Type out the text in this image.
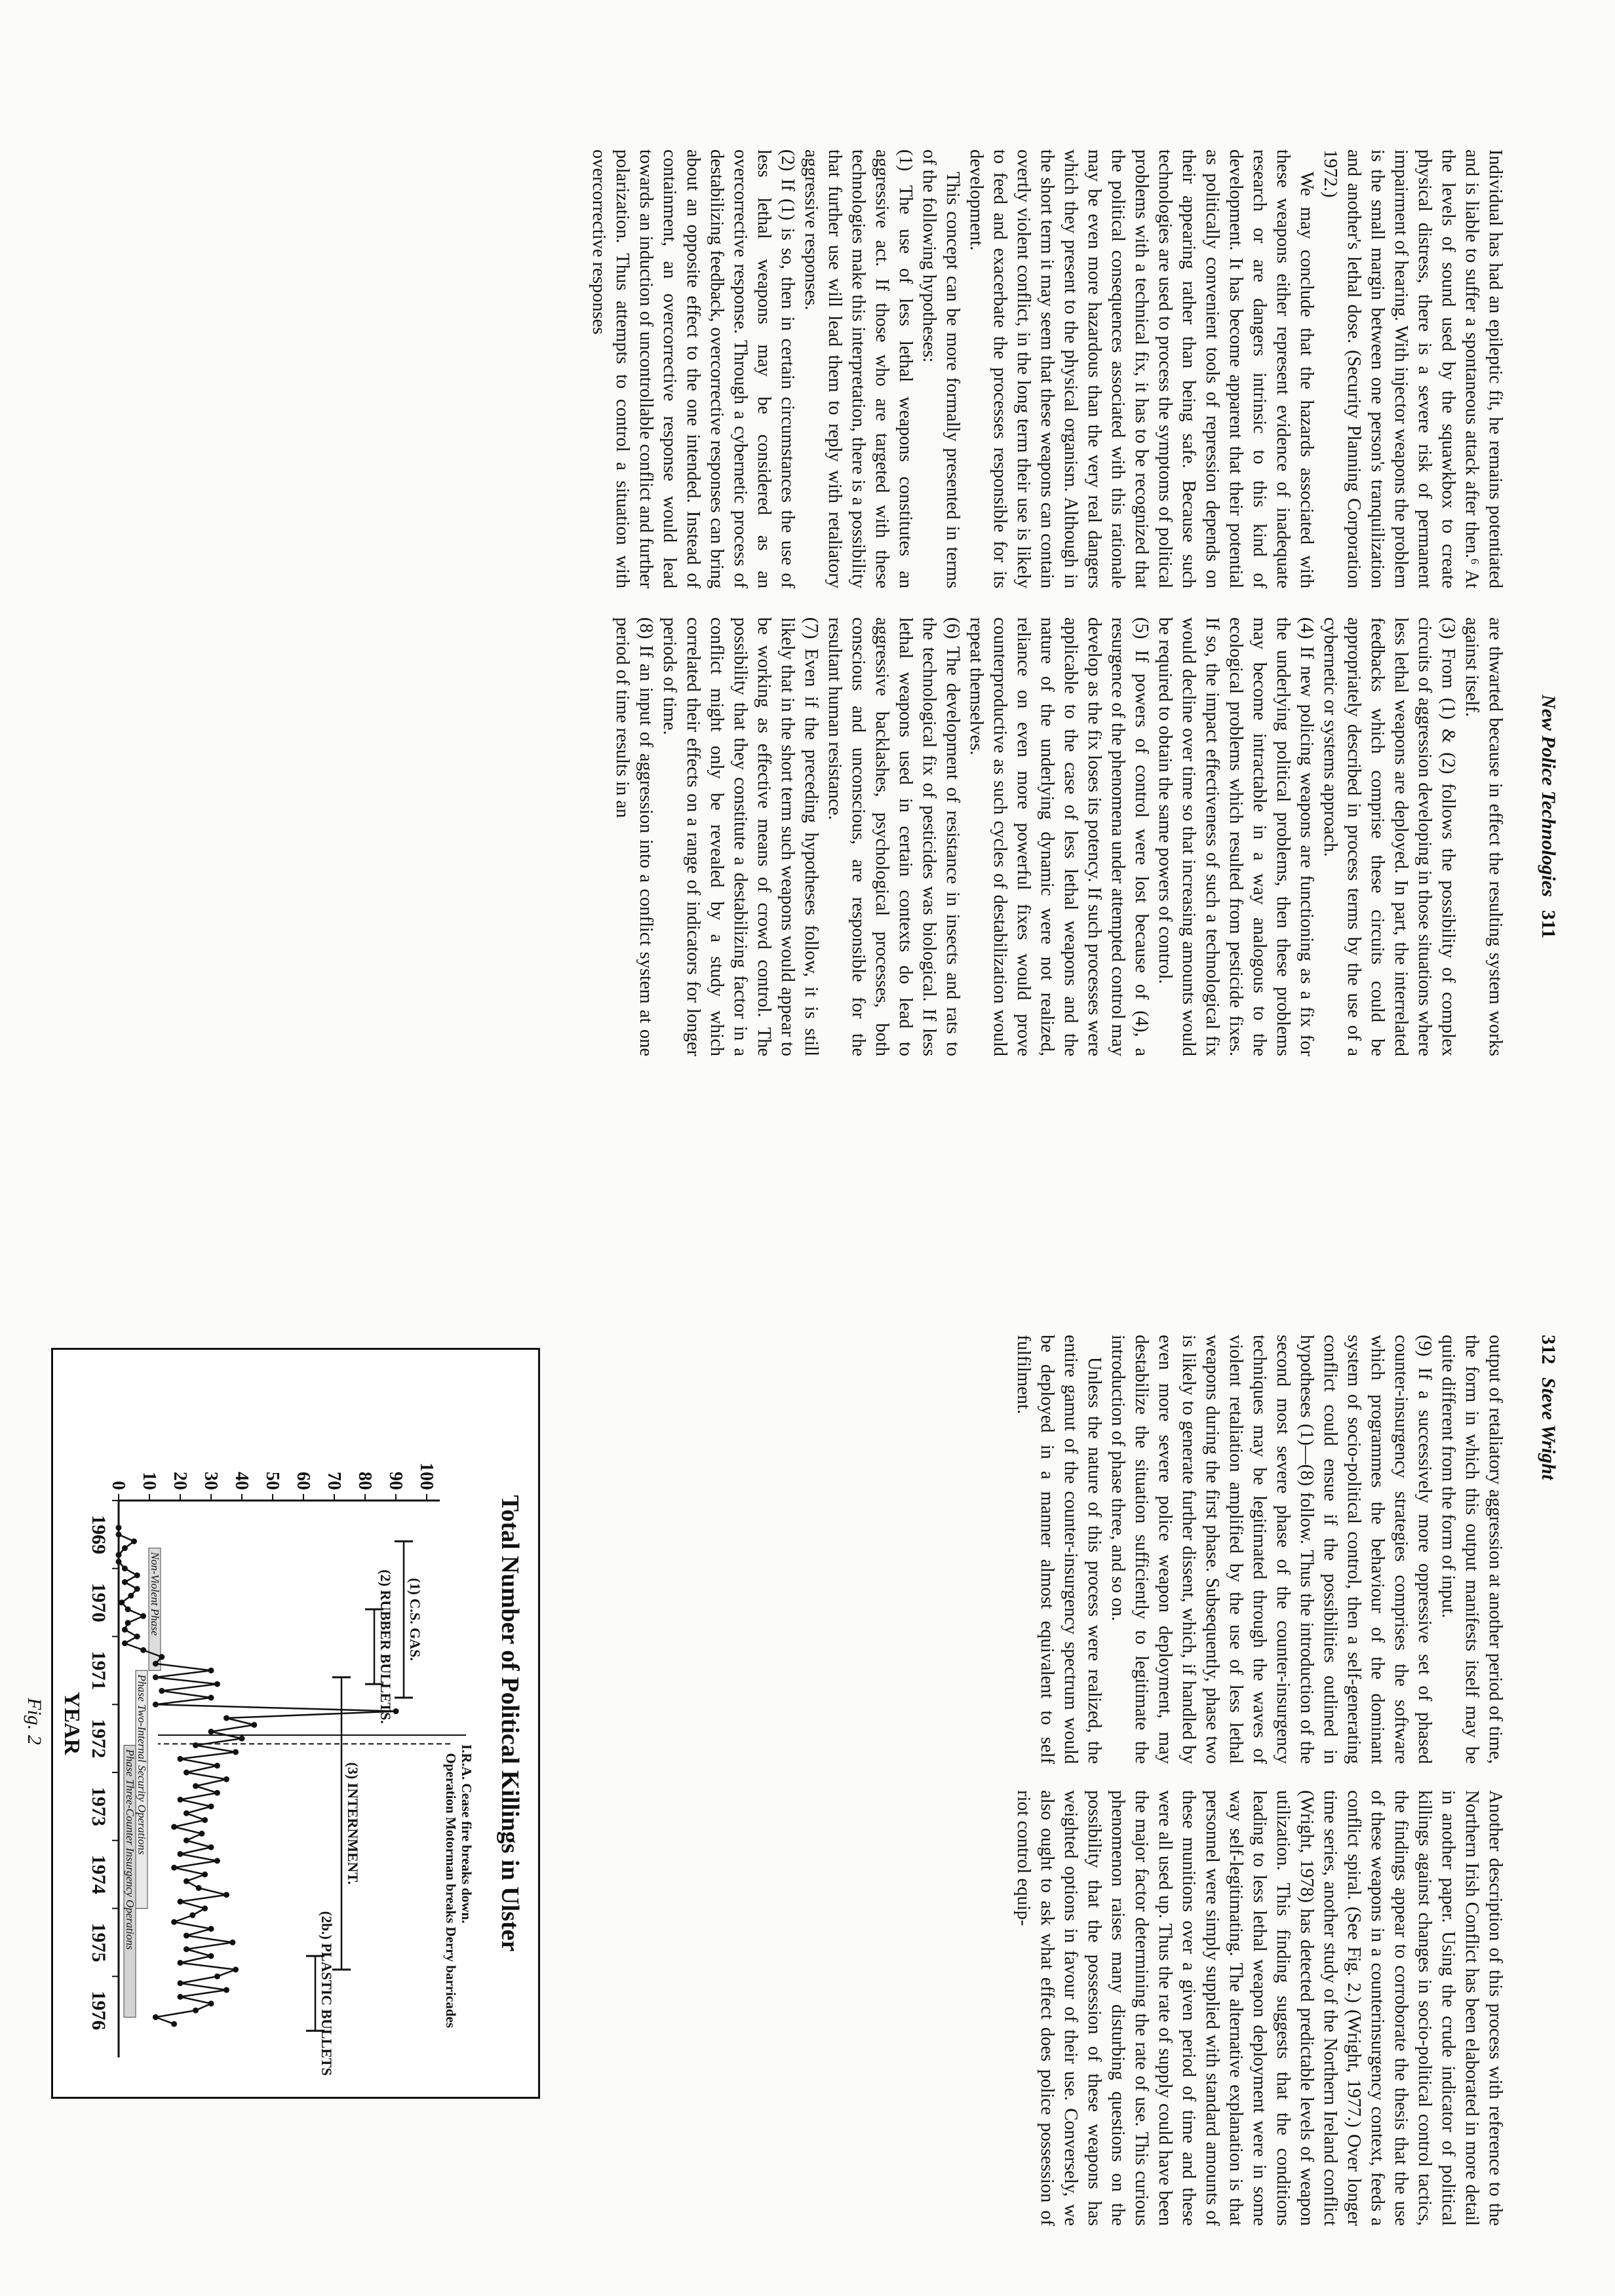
New Police Technologies311

Individual has had an epileptic fit, he remains potentiated and is liable to suffer a spontaneous attack after then.⁶ At the levels of sound used by the squawkbox to create physical distress, there is a severe risk of permanent impairment of hearing. With injector weapons the problem is the small margin between one person's tranquilization and another's lethal dose. (Security Planning Corporation 1972.)

We may conclude that the hazards associated with these weapons either represent evidence of inadequate research or are dangers intrinsic to this kind of development. It has become apparent that their potential as politically convenient tools of repression depends on their appearing rather than being safe. Because such technologies are used to process the symptoms of political problems with a technical fix, it has to be recognized that the political consequences associated with this rationale may be even more hazardous than the very real dangers which they present to the physical organism. Although in the short term it may seem that these weapons can contain overtly violent conflict, in the long term their use is likely to feed and exacerbate the processes responsible for its development.

This concept can be more formally presented in terms of the following hypotheses:

(1) The use of less lethal weapons constitutes an aggressive act. If those who are targeted with these technologies make this interpretation, there is a possibility that further use will lead them to reply with retaliatory aggressive responses.

(2) If (1) is so, then in certain circumstances the use of less lethal weapons may be considered as an overcorrective response. Through a cybernetic process of destabilizing feedback, overcorrective responses can bring about an opposite effect to the one intended. Instead of containment, an overcorrective response would lead towards an induction of uncontrollable conflict and further polarization. Thus attempts to control a situation with overcorrective responses

are thwarted because in effect the resulting system works against itself.

(3) From (1) & (2) follows the possibility of complex circuits of aggression developing in those situations where less lethal weapons are deployed. In part, the interrelated feedbacks which comprise these circuits could be appropriately described in process terms by the use of a cybernetic or systems approach.

(4) If new policing weapons are functioning as a fix for the underlying political problems, then these problems may become intractable in a way analogous to the ecological problems which resulted from pesticide fixes. If so, the impact effectiveness of such a technological fix would decline over time so that increasing amounts would be required to obtain the same powers of control.

(5) If powers of control were lost because of (4), a resurgence of the phenomena under attempted control may develop as the fix loses its potency. If such processes were applicable to the case of less lethal weapons and the nature of the underlying dynamic were not realized, reliance on even more powerful fixes would prove counterproductive as such cycles of destabilization would repeat themselves.

(6) The development of resistance in insects and rats to the technological fix of pesticides was biological. If less lethal weapons used in certain contexts do lead to aggressive backlashes, psychological processes, both conscious and unconscious, are responsible for the resultant human resistance.

(7) Even if the preceding hypotheses follow, it is still likely that in the short term such weapons would appear to be working as effective means of crowd control. The possibility that they constitute a destabilizing factor in a conflict might only be revealed by a study which correlated their effects on a range of indicators for longer periods of time.

(8) If an input of aggression into a conflict system at one period of time results in an

312Steve Wright

output of retaliatory aggression at another period of time, the form in which this output manifests itself may be quite different from the form of input.

(9) If a successively more oppressive set of phased counter-insurgency strategies comprises the software which programmes the behaviour of the dominant system of socio-political control, then a self-generating conflict could ensue if the possibilities outlined in hypotheses (1)—(8) follow. Thus the introduction of the second most severe phase of the counter-insurgency techniques may be legitimated through the waves of violent retaliation amplified by the use of less lethal weapons during the first phase. Subsequently, phase two is likely to generate further dissent, which, if handled by even more severe police weapon deployment, may destabilize the situation sufficiently to legitimate the introduction of phase three, and so on.

Unless the nature of this process were realized, the entire gamut of the counter-insurgency spectrum would be deployed in a manner almost equivalent to self fulfilment.

Another description of this process with reference to the Northern Irish Conflict has been elaborated in more detail in another paper. Using the crude indicator of political killings against changes in socio-political control tactics, the findings appear to corroborate the thesis that the use of these weapons in a counterinsurgency context, feeds a conflict spiral. (See Fig. 2.) (Wright, 1977.) Over longer time series, another study of the Northern Ireland conflict (Wright, 1978) has detected predictable levels of weapon utilization. This finding suggests that the conditions leading to less lethal weapon deployment were in some way self-legitimating. The alternative explanation is that personnel were simply supplied with standard amounts of these munitions over a given period of time and these were all used up. Thus the rate of supply could have been the major factor determining the rate of use. This curious phenomenon raises many disturbing questions on the possibility that the possession of these weapons has weighted options in favour of their use. Conversely, we also ought to ask what effect does police possession of riot control equip-

Total Number of Political Killings in Ulster
Non-Violent Phase
Phase Two-Internal Security Operations
Phase Three-Counter Insurgency Operations
0 10 20 30 40 50 60 70 80 90 100
1969
1970
1971
1972
1973
1974
1975
1976
YEAR
(1) C.S. GAS.
(2) RUBBER BULLETS.
(3) INTERNMENT.
(2b.) PLASTIC BULLETS
I.R.A. Cease fire breaks down.
Operation Motorman breaks Derry barricades
Fig. 2
